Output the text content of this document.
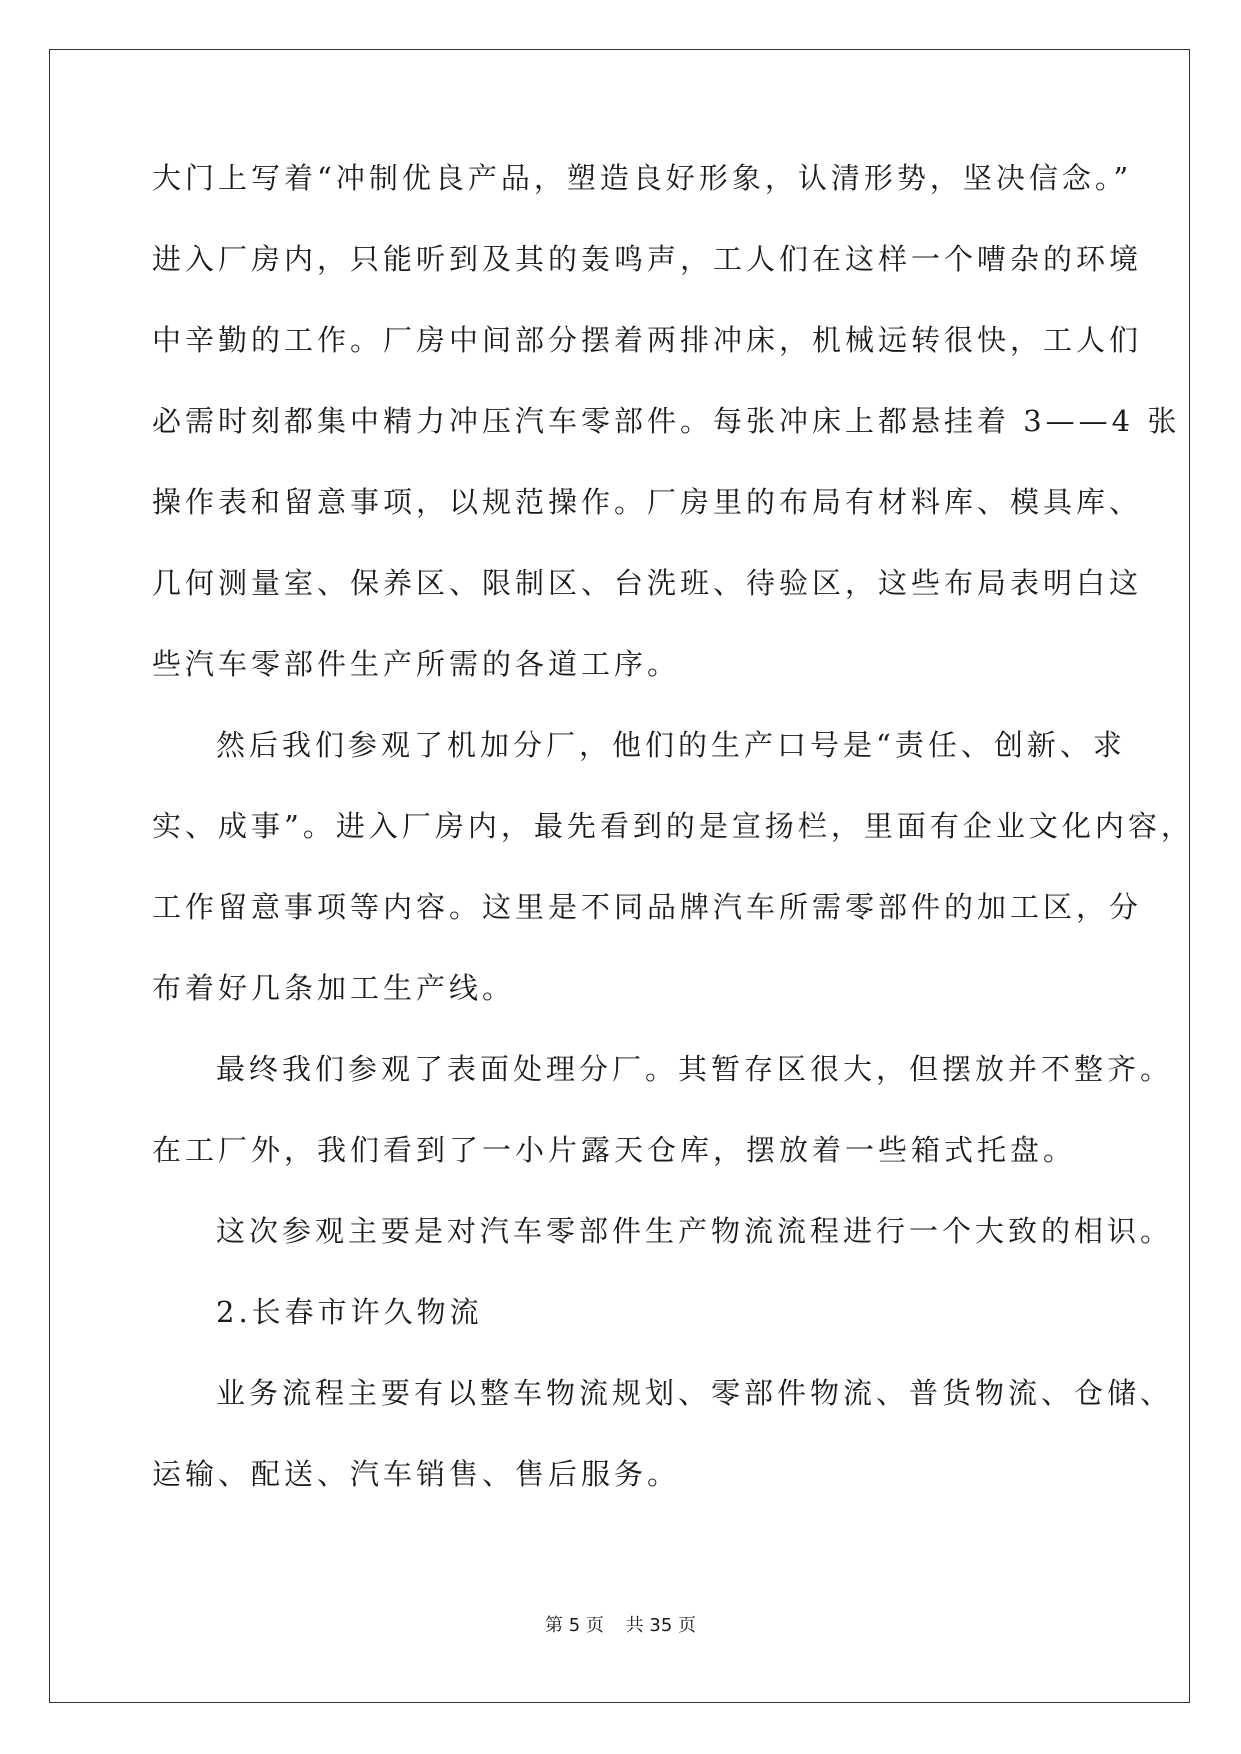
大门上写着“冲制优良产品，塑造良好形象，认清形势，坚决信念。”
进入厂房内，只能听到及其的轰鸣声，工人们在这样一个嘈杂的环境
中辛勤的工作。厂房中间部分摆着两排冲床，机械远转很快，工人们
必需时刻都集中精力冲压汽车零部件。每张冲床上都悬挂着 3——4 张
操作表和留意事项，以规范操作。厂房里的布局有材料库、模具库、
几何测量室、保养区、限制区、台洗班、待验区，这些布局表明白这
些汽车零部件生产所需的各道工序。
然后我们参观了机加分厂，他们的生产口号是“责任、创新、求
实、成事”。进入厂房内，最先看到的是宣扬栏，里面有企业文化内容，
工作留意事项等内容。这里是不同品牌汽车所需零部件的加工区，分
布着好几条加工生产线。
最终我们参观了表面处理分厂。其暂存区很大，但摆放并不整齐。
在工厂外，我们看到了一小片露天仓库，摆放着一些箱式托盘。
这次参观主要是对汽车零部件生产物流流程进行一个大致的相识。
2.长春市许久物流
业务流程主要有以整车物流规划、零部件物流、普货物流、仓储、
运输、配送、汽车销售、售后服务。
第 5 页 共 35 页
